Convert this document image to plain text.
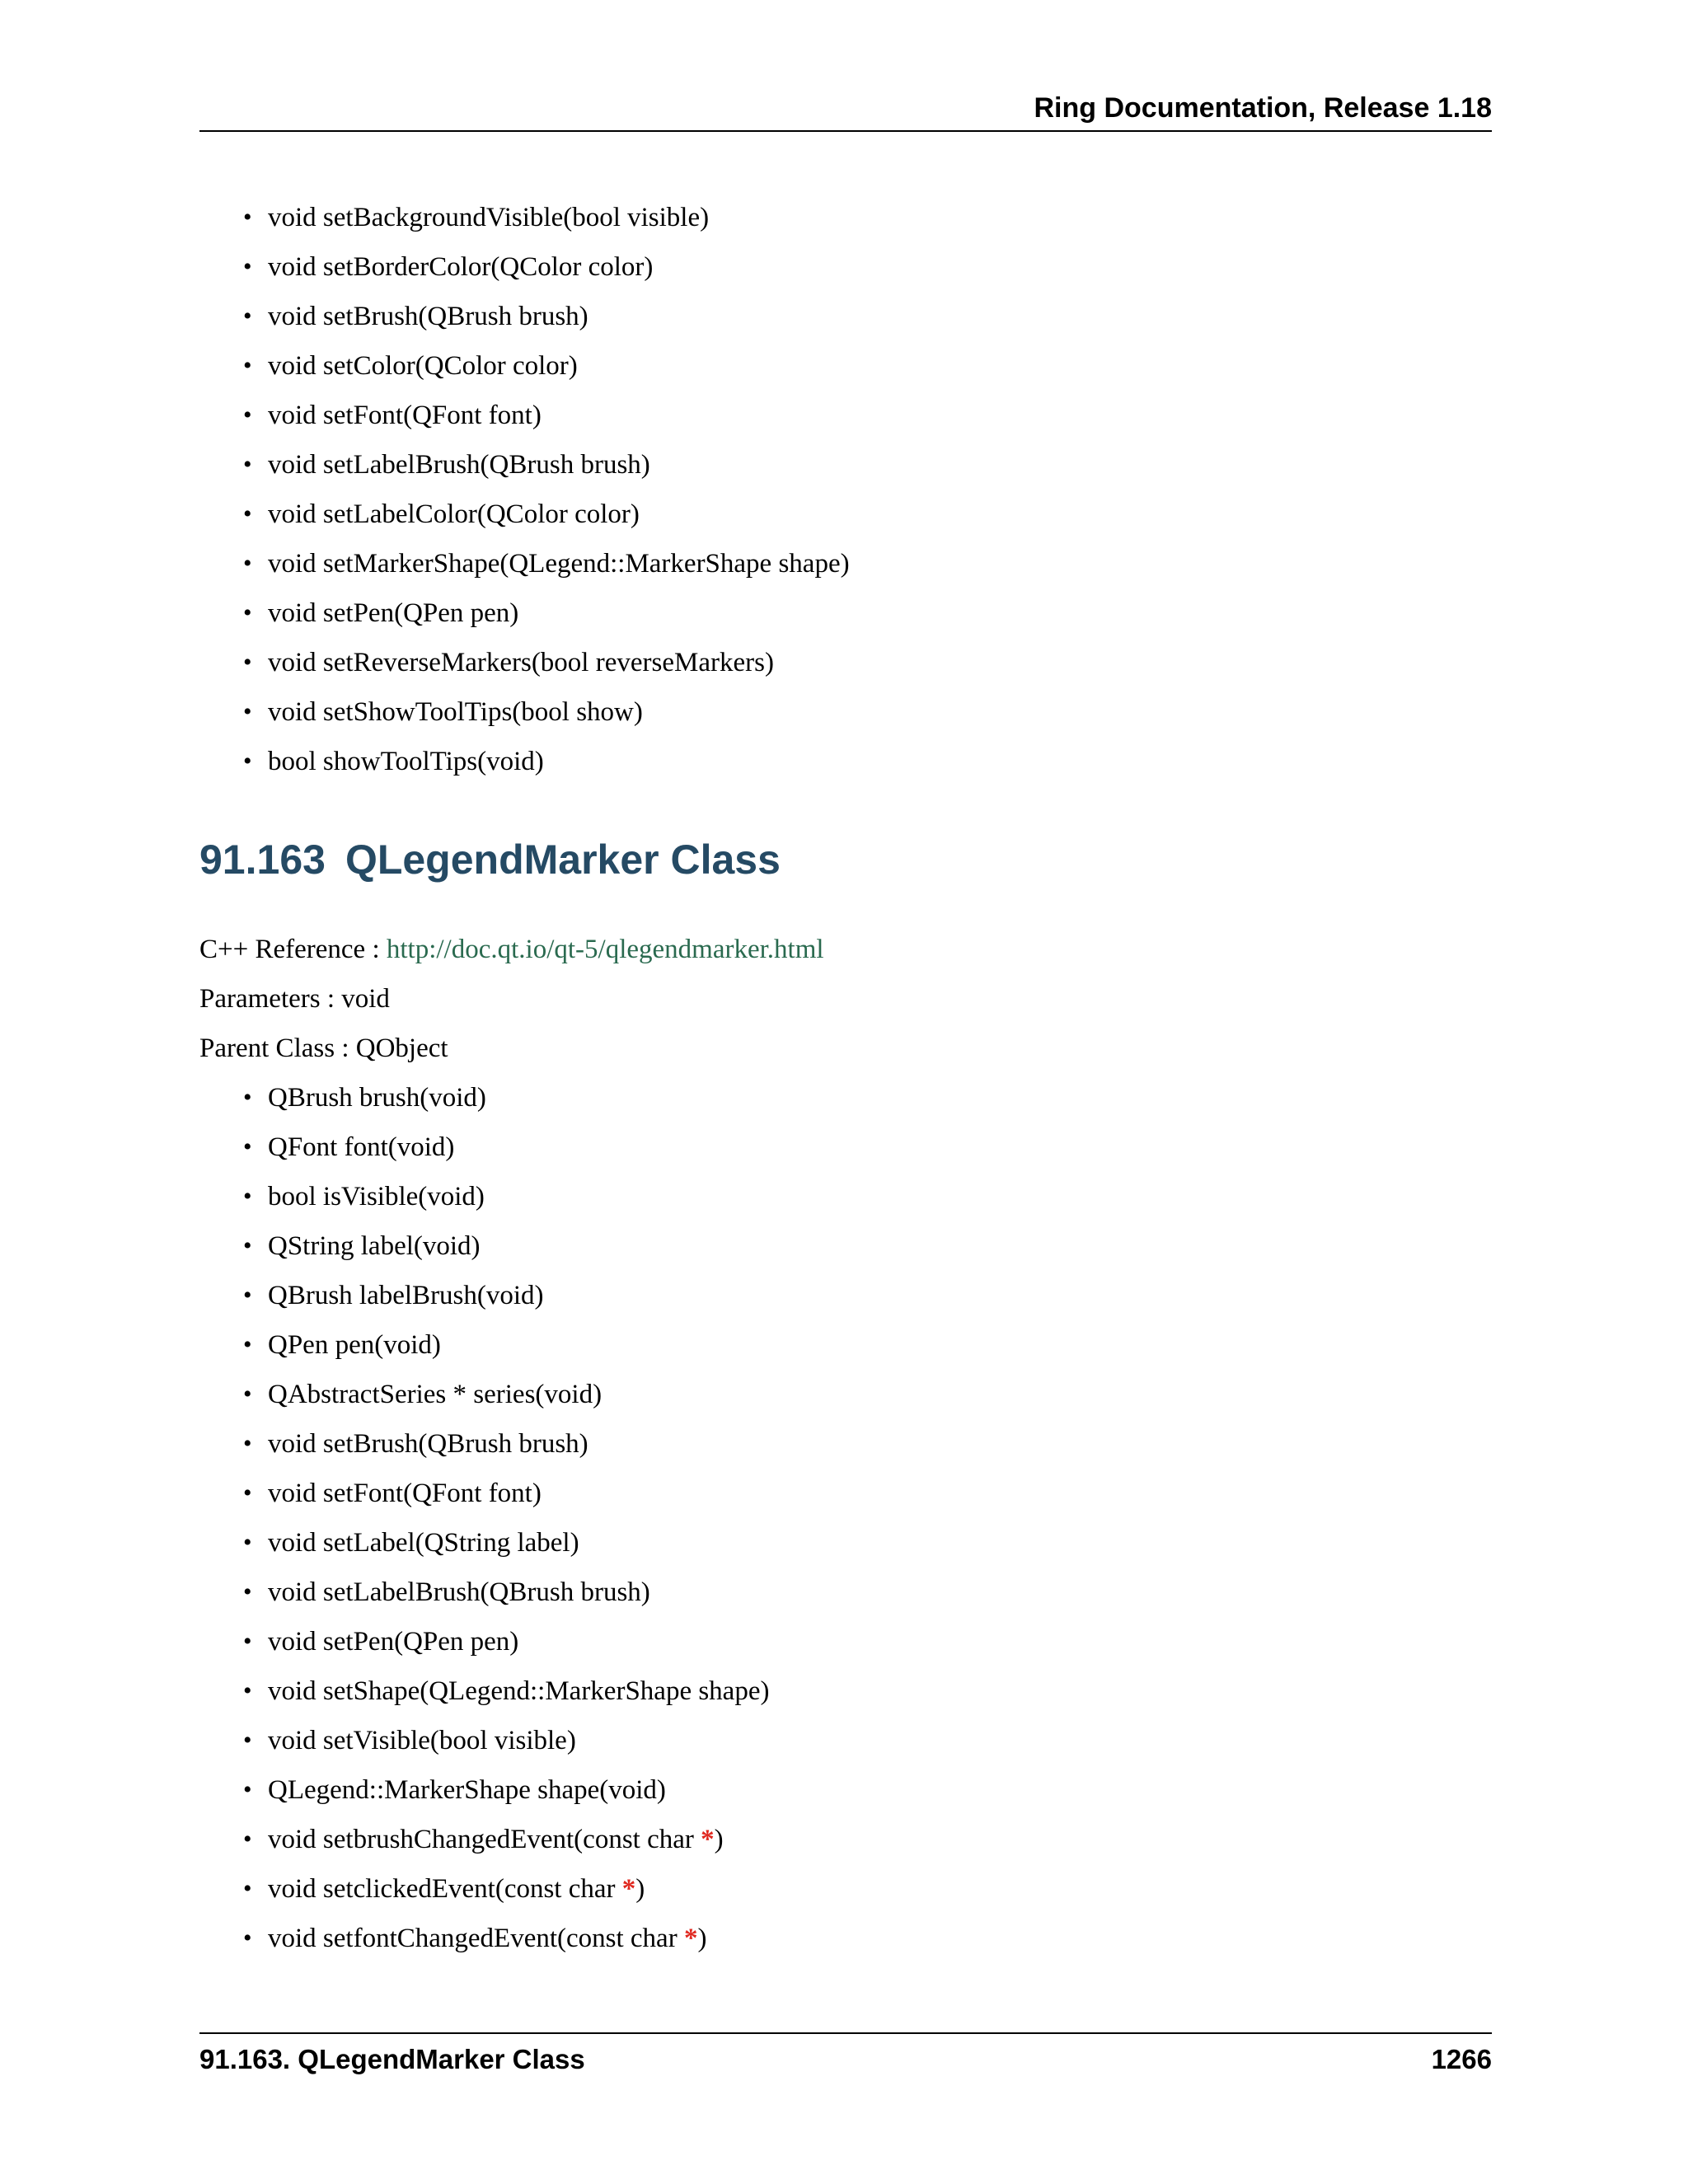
Ring Documentation, Release 1.18
• void setBackgroundVisible(bool visible)
• void setBorderColor(QColor color)
• void setBrush(QBrush brush)
• void setColor(QColor color)
• void setFont(QFont font)
• void setLabelBrush(QBrush brush)
• void setLabelColor(QColor color)
• void setMarkerShape(QLegend::MarkerShape shape)
• void setPen(QPen pen)
• void setReverseMarkers(bool reverseMarkers)
• void setShowToolTips(bool show)
• bool showToolTips(void)
91.163 QLegendMarker Class
C++ Reference : http://doc.qt.io/qt-5/qlegendmarker.html
Parameters : void
Parent Class : QObject
• QBrush brush(void)
• QFont font(void)
• bool isVisible(void)
• QString label(void)
• QBrush labelBrush(void)
• QPen pen(void)
• QAbstractSeries * series(void)
• void setBrush(QBrush brush)
• void setFont(QFont font)
• void setLabel(QString label)
• void setLabelBrush(QBrush brush)
• void setPen(QPen pen)
• void setShape(QLegend::MarkerShape shape)
• void setVisible(bool visible)
• QLegend::MarkerShape shape(void)
• void setbrushChangedEvent(const char *)
• void setclickedEvent(const char *)
• void setfontChangedEvent(const char *)
91.163. QLegendMarker Class	1266
